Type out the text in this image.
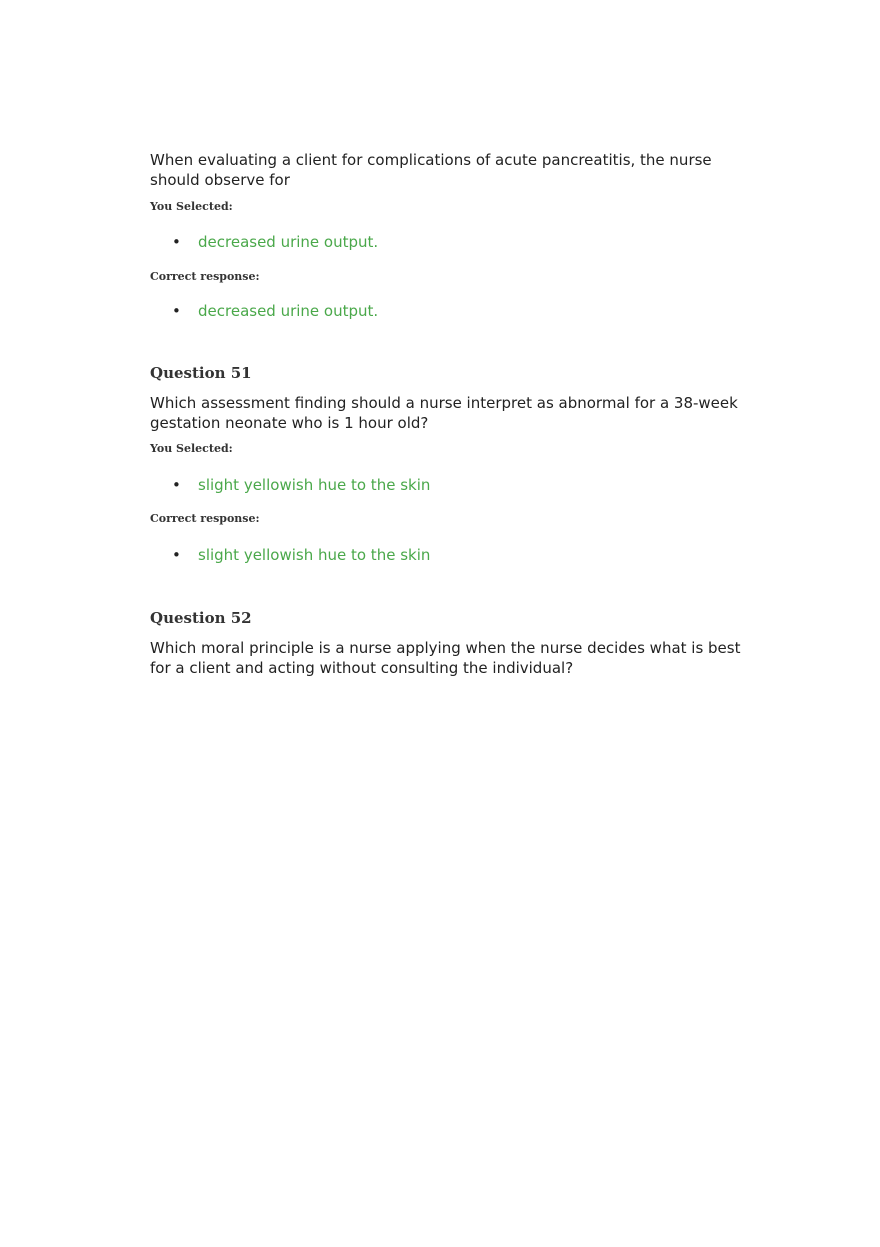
When evaluating a client for complications of acute pancreatitis, the nurse should observe for

You Selected:

• decreased urine output.

Correct response:

• decreased urine output.
Question 51

Which assessment finding should a nurse interpret as abnormal for a 38-week gestation neonate who is 1 hour old?

You Selected:

• slight yellowish hue to the skin

Correct response:

• slight yellowish hue to the skin
Question 52

Which moral principle is a nurse applying when the nurse decides what is best for a client and acting without consulting the individual?
